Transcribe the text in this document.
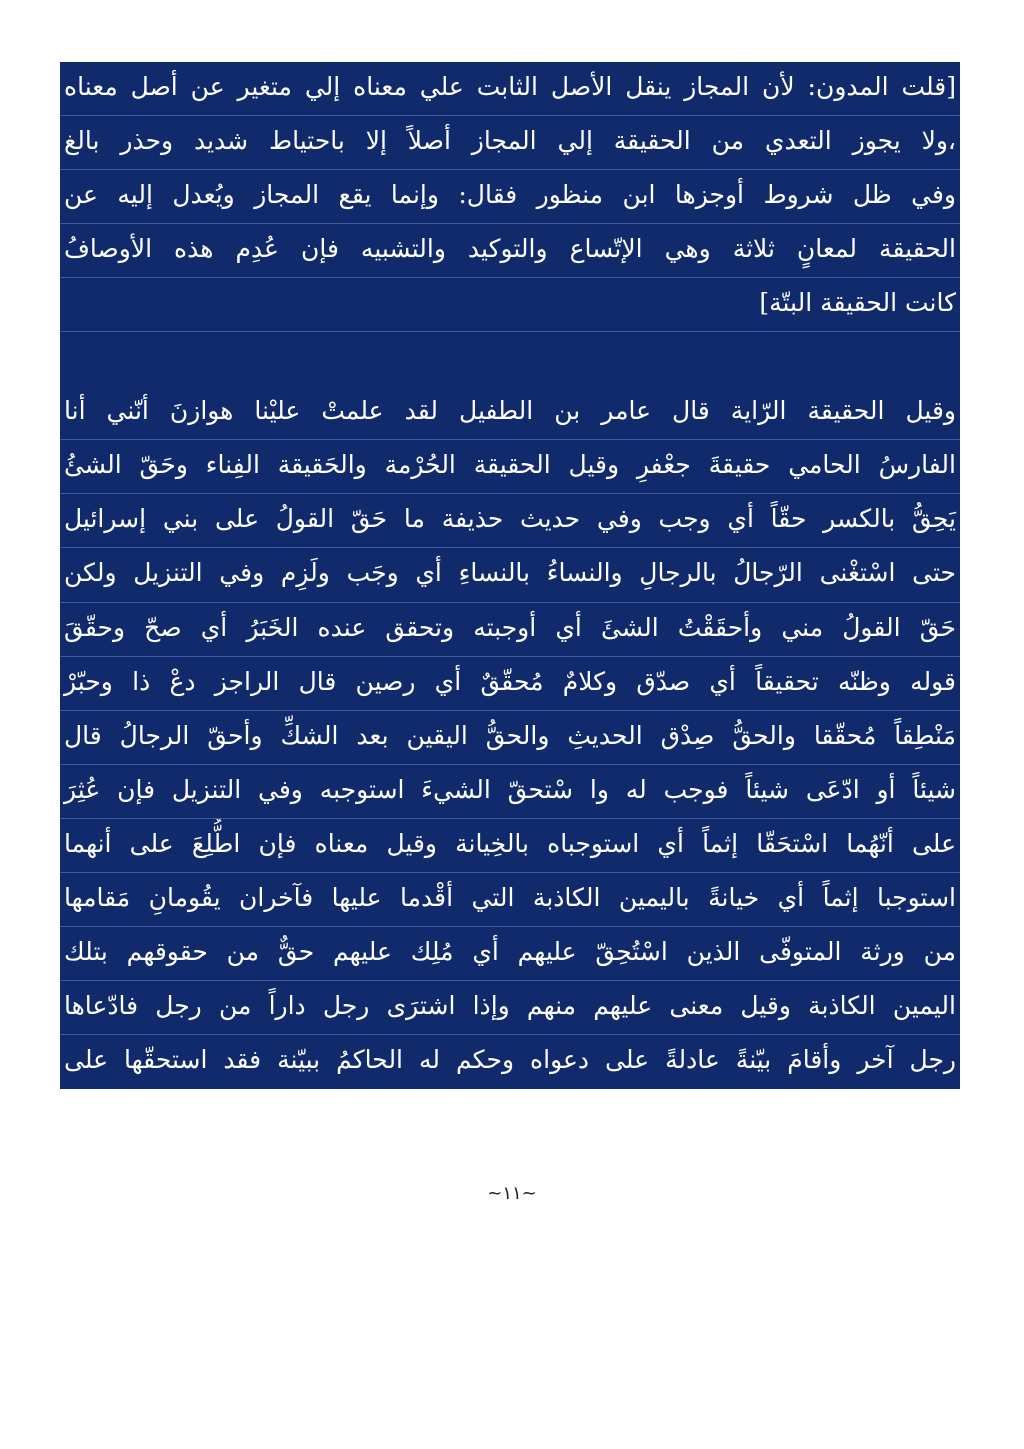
[قلت المدون: لأن المجاز ينقل الأصل الثابت علي معناه إلي متغير عن أصل معناه
،ولا يجوز التعدي من الحقيقة إلي المجاز أصلاً إلا باحتياط شديد وحذر بالغ
وفي ظل شروط أوجزها ابن منظور فقال: وإنما يقع المجاز ويُعدل إليه عن
الحقيقة لمعانٍ ثلاثة وهي الإتّساع والتوكيد والتشبيه فإن عُدِم هذه الأوصافُ
كانت الحقيقة البتّة]
وقيل الحقيقة الرّاية قال عامر بن الطفيل لقد علمتْ عليْنا هوازنَ أنّني أنا
الفارسُ الحامي حقيقةَ جعْفرِ وقيل الحقيقة الحُرْمة والحَقيقة الفِناء وحَقّ الشئُ
يَحِقُّ بالكسر حقّاً أي وجب وفي حديث حذيفة ما حَقّ القولُ على بني إسرائيل
حتى اسْتغْنى الرّجالُ بالرجالِ والنساءُ بالنساءِ أي وجَب ولَزِم وفي التنزيل ولكن
حَقّ القولُ مني وأحقَقْتُ الشئَ أي أوجبته وتحقق عنده الخَبَرُ أي صحّ وحقّقَ
قوله وظنّه تحقيقاً أي صدّق وكلامٌ مُحقّقٌ أي رصين قال الراجز دعْ ذا وحبّرْ
مَنْطِقاً مُحقّقا والحقُّ صِدْق الحديثِ والحقُّ اليقين بعد الشكِّ وأحقّ الرجالُ قال
شيئاً أو ادّعَى شيئاً فوجب له وا سْتحقّ الشيءَ استوجبه وفي التنزيل فإن عُثِرَ
على أنّهُما اسْتحَقّا إثماً أي استوجباه بالخِيانة وقيل معناه فإن اطُّلِعَ على أنهما
استوجبا إثماً أي خيانةً باليمين الكاذبة التي أقْدما عليها فآخران يقُومانِ مَقامها
من ورثة المتوفّى الذين اسْتُحِقّ عليهم أي مُلِك عليهم حقٌّ من حقوقهم بتلك
اليمين الكاذبة وقيل معنى عليهم منهم وإذا اشترَى رجل داراً من رجل فادّعاها
رجل آخر وأقامَ بيّنةً عادلةً على دعواه وحكم له الحاكمُ ببيّنة فقد استحقّها على
~١١~
